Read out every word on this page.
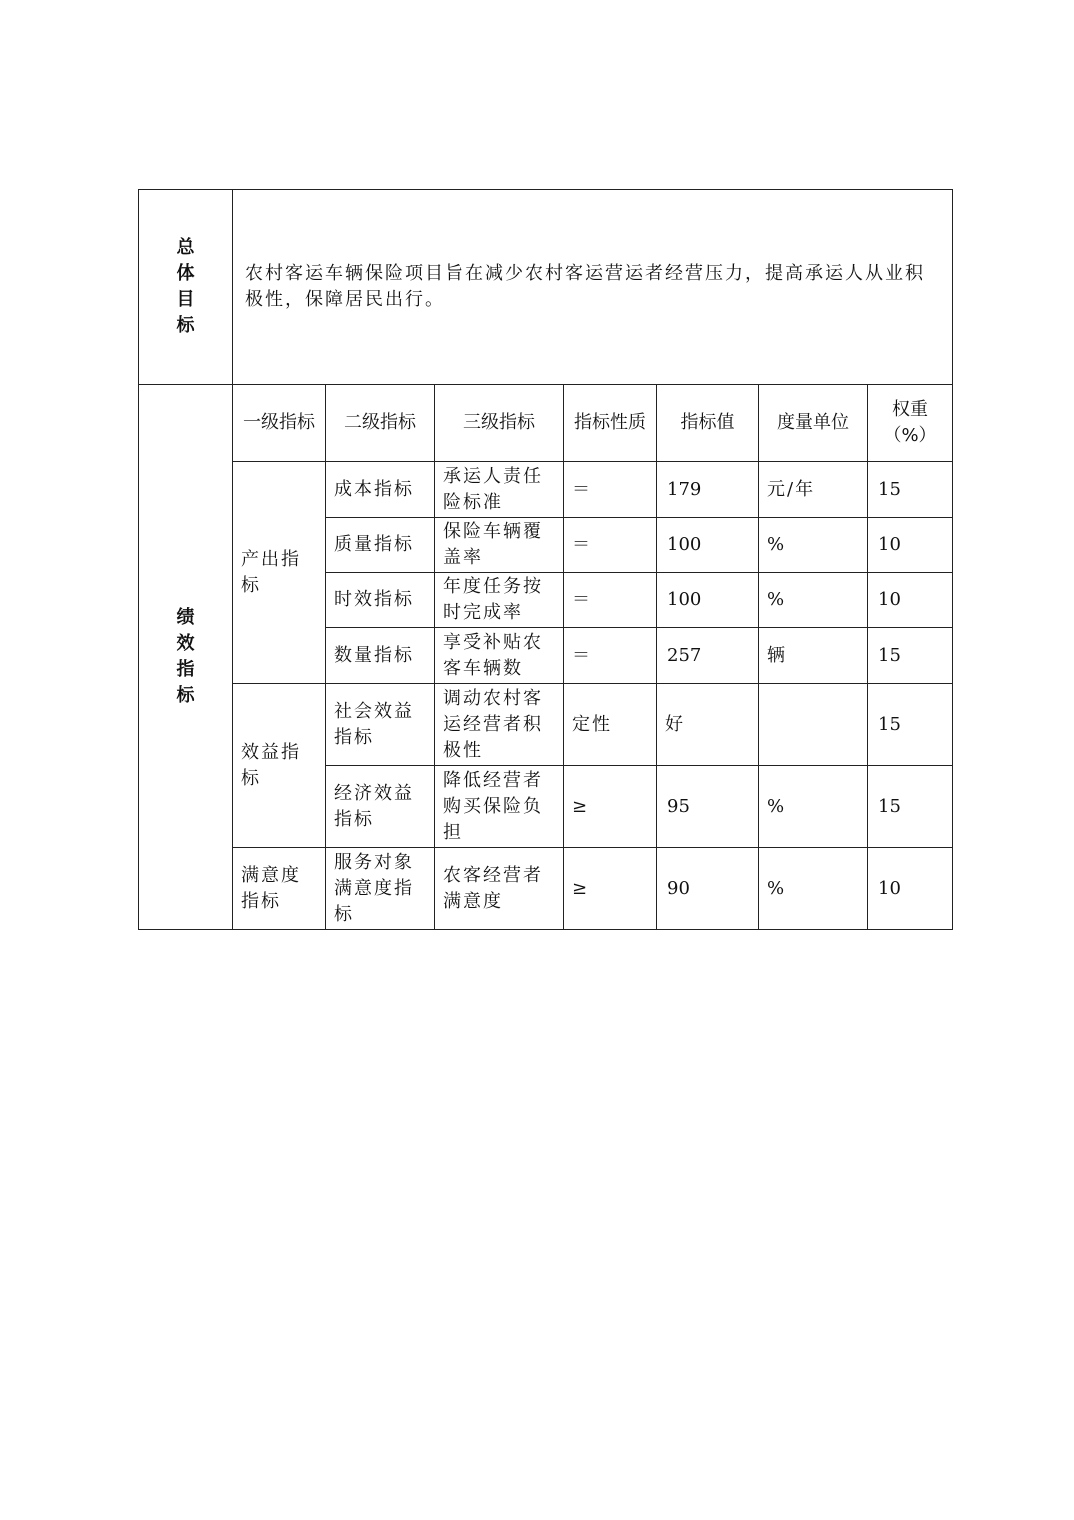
总
体
目
标	农村客运车辆保险项目旨在减少农村客运营运者经营压力，提高承运人从业积极性，保障居民出行。						

绩
效
指
标	一级指标	二级指标	三级指标	指标性质	指标值	度量单位	权重
（%）

	产出指标	成本指标	承运人责任险标准	＝	179	元/年	15
		质量指标	保险车辆覆盖率	＝	100	%	10
		时效指标	年度任务按时完成率	＝	100	%	10
		数量指标	享受补贴农客车辆数	＝	257	辆	15
	效益指标	社会效益指标	调动农村客运经营者积极性	定性	好		15
		经济效益指标	降低经营者购买保险负担	≥	95	%	15
	满意度指标	服务对象满意度指标	农客经营者满意度	≥	90	%	10
